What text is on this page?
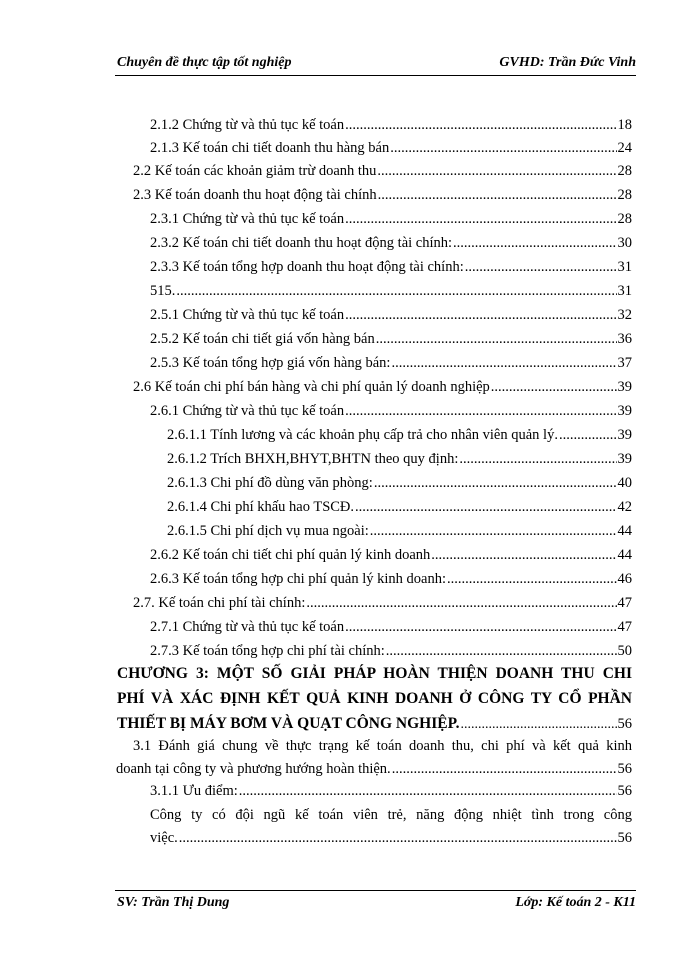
Chuyên đề thực tập tốt nghiệp	GVHD: Trần Đức Vinh
2.1.2 Chứng từ và thủ tục kế toán .....	18
2.1.3 Kế toán chi tiết doanh thu hàng bán .....	24
2.2 Kế toán các khoản giảm trừ doanh thu .....	28
2.3 Kế toán doanh thu hoạt động tài chính .....	28
2.3.1 Chứng từ và thủ tục kế toán .....	28
2.3.2 Kế toán chi tiết doanh thu hoạt động tài chính: .....	30
2.3.3 Kế toán tổng hợp doanh thu hoạt động tài chính: .....	31
515. .....	31
2.5.1 Chứng từ và thủ tục kế toán .....	32
2.5.2 Kế toán chi tiết giá vốn hàng bán .....	36
2.5.3 Kế toán tổng hợp giá vốn hàng bán: .....	37
2.6 Kế toán chi phí bán hàng và chi phí quản lý doanh nghiệp .....	39
2.6.1 Chứng từ và thủ tục kế toán .....	39
2.6.1.1 Tính lương và các khoản phụ cấp trả cho nhân viên quản lý. .....	39
2.6.1.2 Trích BHXH,BHYT,BHTN theo quy định: .....	39
2.6.1.3 Chi phí đồ dùng văn phòng: .....	40
2.6.1.4 Chi phí khấu hao TSCĐ. .....	42
2.6.1.5 Chi phí dịch vụ mua ngoài: .....	44
2.6.2 Kế toán chi tiết chi phí quản lý kinh doanh .....	44
2.6.3 Kế toán tổng hợp chi phí quản lý kinh doanh: .....	46
2.7. Kế toán chi phí tài chính: .....	47
2.7.1 Chứng từ và thủ tục kế toán .....	47
2.7.3 Kế toán tổng hợp chi phí tài chính: .....	50
CHƯƠNG 3: MỘT SỐ GIẢI PHÁP HOÀN THIỆN DOANH THU CHI
PHÍ VÀ XÁC ĐỊNH KẾT QUẢ KINH DOANH Ở CÔNG TY CỔ PHẦN
THIẾT BỊ MÁY BƠM VÀ QUẠT CÔNG NGHIỆP. .....	56
3.1 Đánh giá chung về thực trạng kế toán doanh thu, chi phí và kết quả kinh
doanh tại công ty và phương hướng hoàn thiện. .....	56
3.1.1 Ưu điểm: .....	56
Công ty có đội ngũ kế toán viên trẻ, năng động nhiệt tình trong công
việc. .....	56
SV: Trần Thị Dung	Lớp: Kế toán 2 - K11
